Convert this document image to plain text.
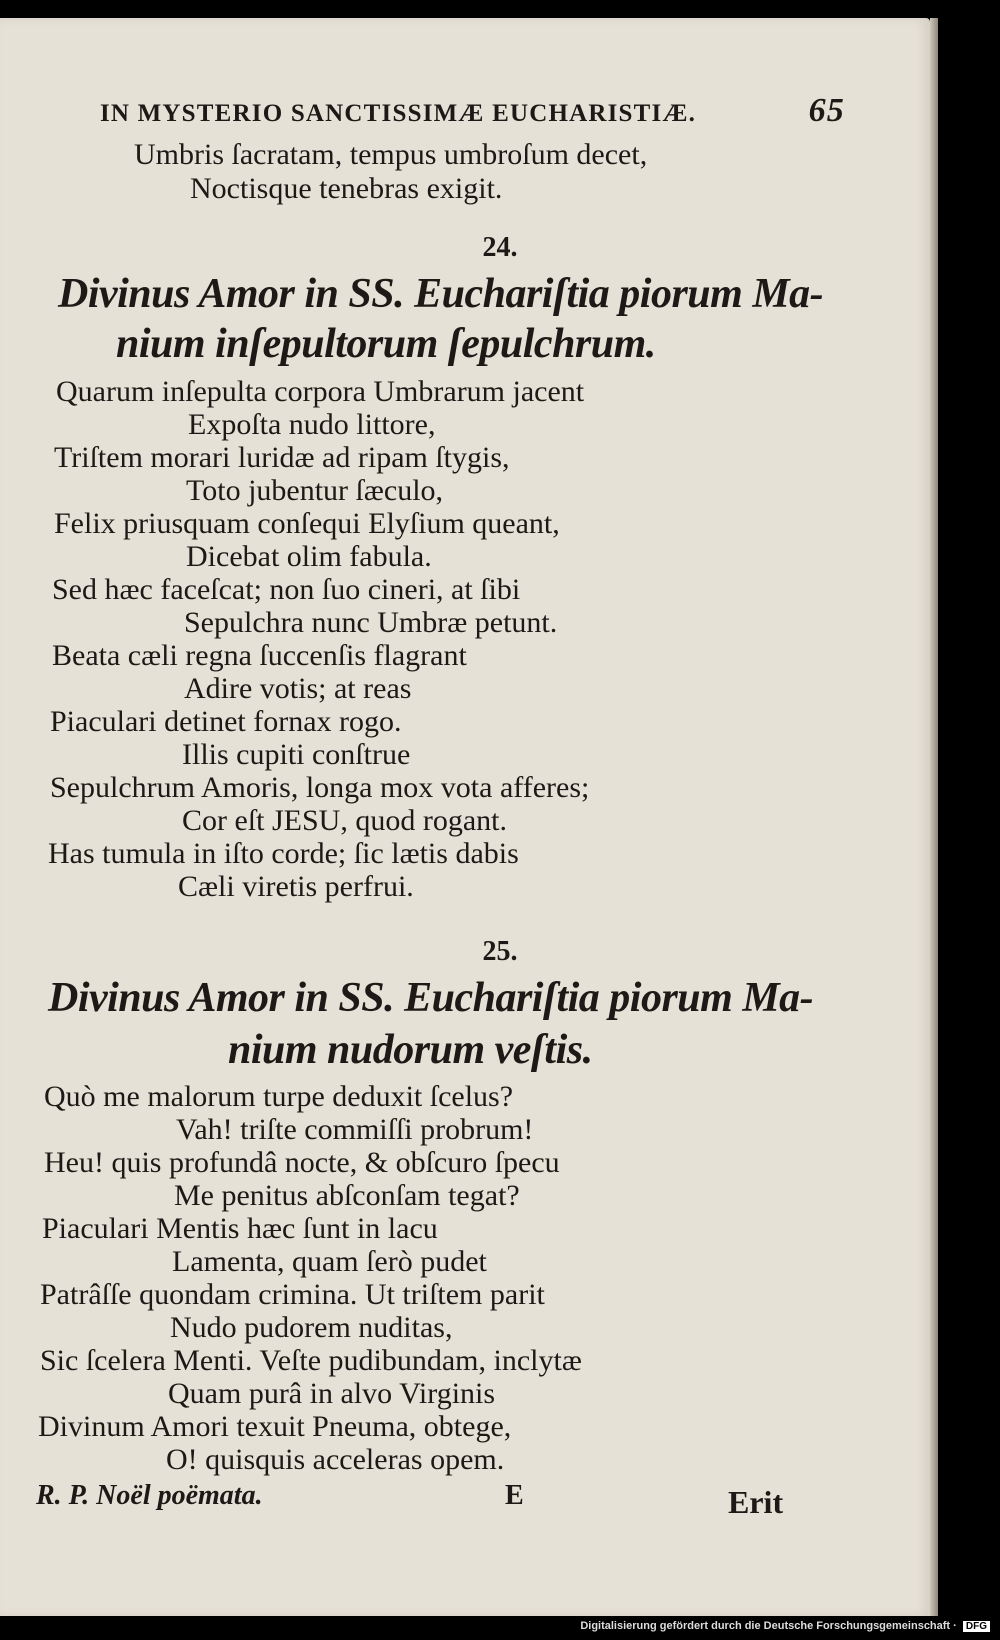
IN MYSTERIO SANCTISSIMÆ EUCHARISTIÆ.	65
Umbris ſacratam, tempus umbroſum decet,
Noctisque tenebras exigit.
24.
Divinus Amor in SS. Euchariſtia piorum Ma-
nium inſepultorum ſepulchrum.
Quarum inſepulta corpora Umbrarum jacent
Expoſta nudo littore,
Triſtem morari luridæ ad ripam ſtygis,
Toto jubentur ſæculo,
Felix priusquam conſequi Elyſium queant,
Dicebat olim fabula.
Sed hæc faceſcat; non ſuo cineri, at ſibi
Sepulchra nunc Umbræ petunt.
Beata cæli regna ſuccenſis flagrant
Adire votis; at reas
Piaculari detinet fornax rogo.
Illis cupiti conſtrue
Sepulchrum Amoris, longa mox vota afferes;
Cor eſt JESU, quod rogant.
Has tumula in iſto corde; ſic lætis dabis
Cæli viretis perfrui.
25.
Divinus Amor in SS. Euchariſtia piorum Ma-
nium nudorum veſtis.
Quò me malorum turpe deduxit ſcelus?
Vah! triſte commiſſi probrum!
Heu! quis profundâ nocte, & obſcuro ſpecu
Me penitus abſconſam tegat?
Piaculari Mentis hæc ſunt in lacu
Lamenta, quam ſerò pudet
Patrâſſe quondam crimina. Ut triſtem parit
Nudo pudorem nuditas,
Sic ſcelera Menti. Veſte pudibundam, inclytæ
Quam purâ in alvo Virginis
Divinum Amori texuit Pneuma, obtege,
O! quisquis acceleras opem.
R. P. Noël poëmata.	E	Erit
Digitalisierung gefördert durch die Deutsche Forschungsgemeinschaft · DFG
